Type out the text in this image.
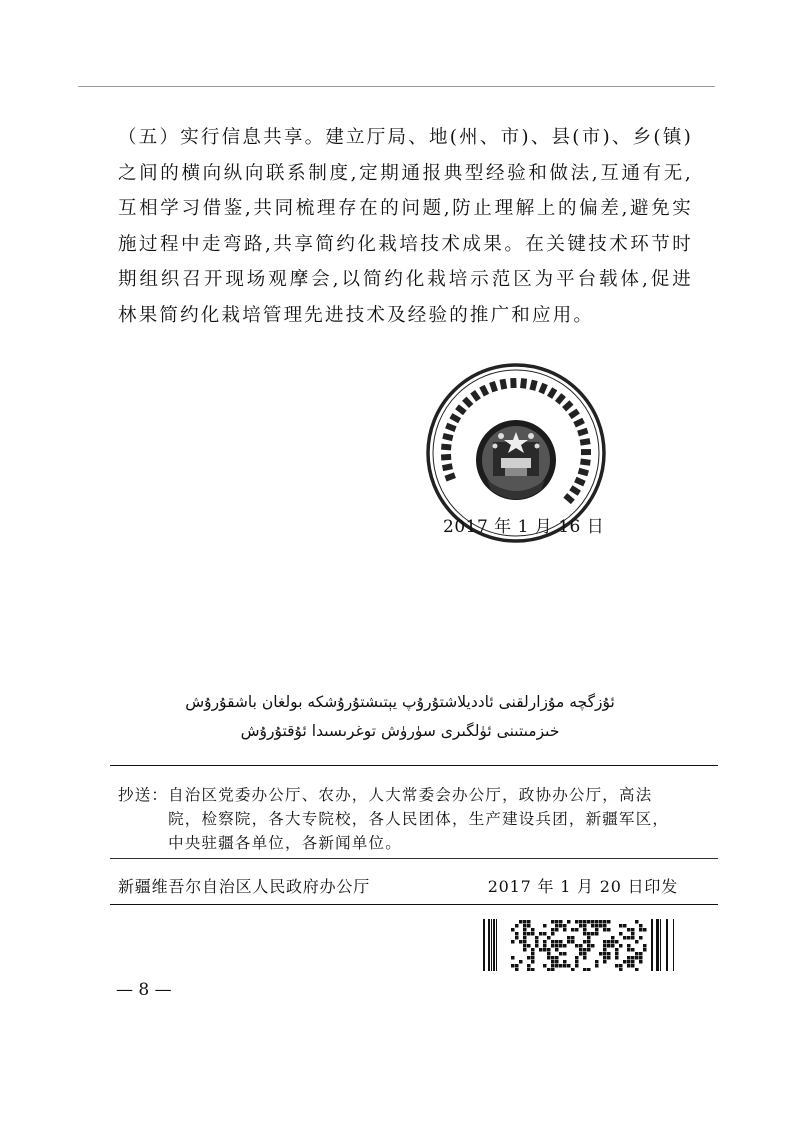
（五）实行信息共享。建立厅局、地(州、市)、县(市)、乡(镇)之间的横向纵向联系制度,定期通报典型经验和做法,互通有无,互相学习借鉴,共同梳理存在的问题,防止理解上的偏差,避免实施过程中走弯路,共享简约化栽培技术成果。在关键技术环节时期组织召开现场观摩会,以简约化栽培示范区为平台载体,促进林果简约化栽培管理先进技术及经验的推广和应用。

2017 年 1 月 16 日
ئۇزگچە مۇزارلقنى ئادديلاشتۇرۇپ يېتىشتۇرۇشكە بولغان باشقۇرۇش
خىزمىتىنى ئۈلگىرى سۈرۈش توغرىسىدا ئۇقتۇرۇش
抄送： 自治区党委办公厅、农办，人大常委会办公厅，政协办公厅，高法院，检察院，各大专院校，各人民团体，生产建设兵团，新疆军区，中央驻疆各单位，各新闻单位。
新疆维吾尔自治区人民政府办公厅	2017 年 1 月 20 日印发
— 8 —
